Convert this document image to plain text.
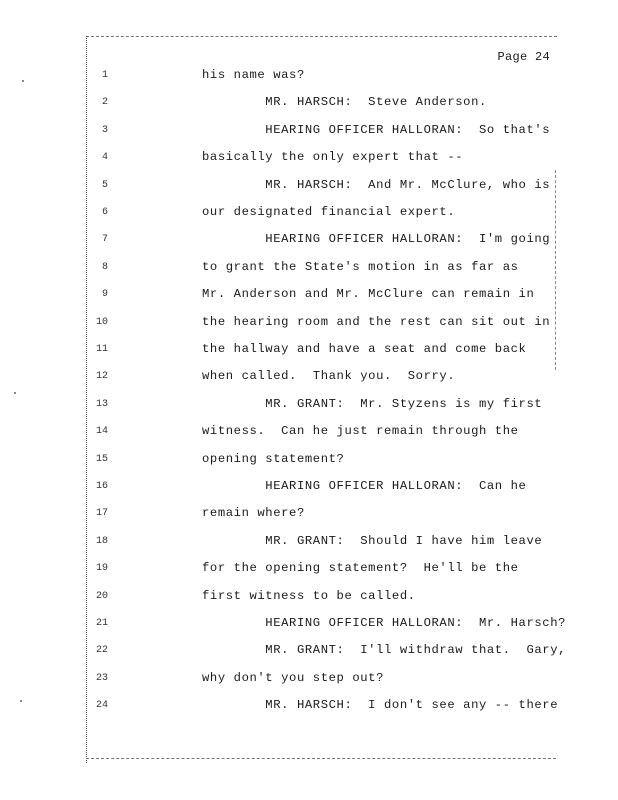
Page 24
1	his name was?
2	MR. HARSCH:  Steve Anderson.
3	HEARING OFFICER HALLORAN:  So that's
4	basically the only expert that --
5	MR. HARSCH:  And Mr. McClure, who is
6	our designated financial expert.
7	HEARING OFFICER HALLORAN:  I'm going
8	to grant the State's motion in as far as
9	Mr. Anderson and Mr. McClure can remain in
10	the hearing room and the rest can sit out in
11	the hallway and have a seat and come back
12	when called.  Thank you.  Sorry.
13	MR. GRANT:  Mr. Styzens is my first
14	witness.  Can he just remain through the
15	opening statement?
16	HEARING OFFICER HALLORAN:  Can he
17	remain where?
18	MR. GRANT:  Should I have him leave
19	for the opening statement?  He'll be the
20	first witness to be called.
21	HEARING OFFICER HALLORAN:  Mr. Harsch?
22	MR. GRANT:  I'll withdraw that.  Gary,
23	why don't you step out?
24	MR. HARSCH:  I don't see any -- there
